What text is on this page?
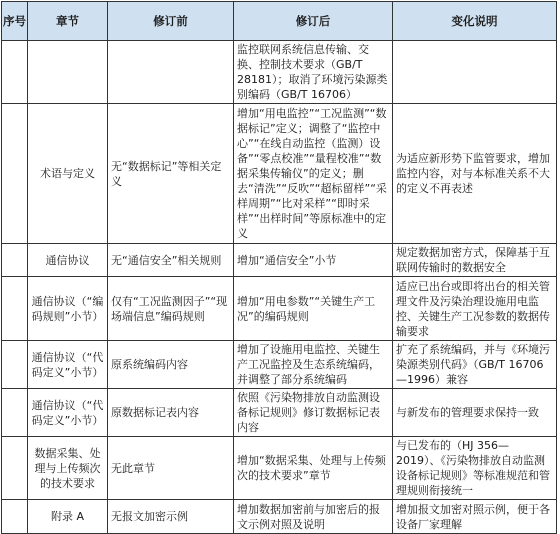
序号	章节	修订前	修订后	变化说明
			监控联网系统信息传输、交换、控制技术要求（GB/T 28181）；取消了环境污染源类别编码（GB/T 16706）	
	术语与定义	无“数据标记”等相关定义	增加“用电监控”“工况监测”“数据标记”定义；调整了“监控中心”“在线自动监控（监测）设备”“零点校准”“量程校准”“数据采集传输仪”的定义；删去“清洗”“反吹”“超标留样”“采样周期”“比对采样”“即时采样”“出样时间”等原标准中的定义	为适应新形势下监管要求，增加监控内容，对与本标准关系不大的定义不再表述
	通信协议	无“通信安全”相关规则	增加“通信安全”小节	规定数据加密方式，保障基于互联网传输时的数据安全
	通信协议（“编码规则”小节）	仅有“工况监测因子”“现场端信息”编码规则	增加“用电参数”“关键生产工况”的编码规则	适应已出台或即将出台的相关管理文件及污染治理设施用电监控、关键生产工况参数的数据传输要求
	通信协议（“代码定义”小节）	原系统编码内容	增加了设施用电监控、关键生产工况监控及生态系统编码，并调整了部分系统编码	扩充了系统编码，并与《环境污染源类别代码》（GB/T 16706—1996）兼容
	通信协议（“代码定义”小节）	原数据标记表内容	依照《污染物排放自动监测设备标记规则》修订数据标记表内容	与新发布的管理要求保持一致
	数据采集、处理与上传频次的技术要求	无此章节	增加“数据采集、处理与上传频次的技术要求”章节	与已发布的（HJ 356—2019）、《污染物排放自动监测设备标记规则》等标准规范和管理规则衔接统一
	附录 A	无报文加密示例	增加数据加密前与加密后的报文示例对照及说明	增加报文加密对照示例，便于各设备厂家理解
